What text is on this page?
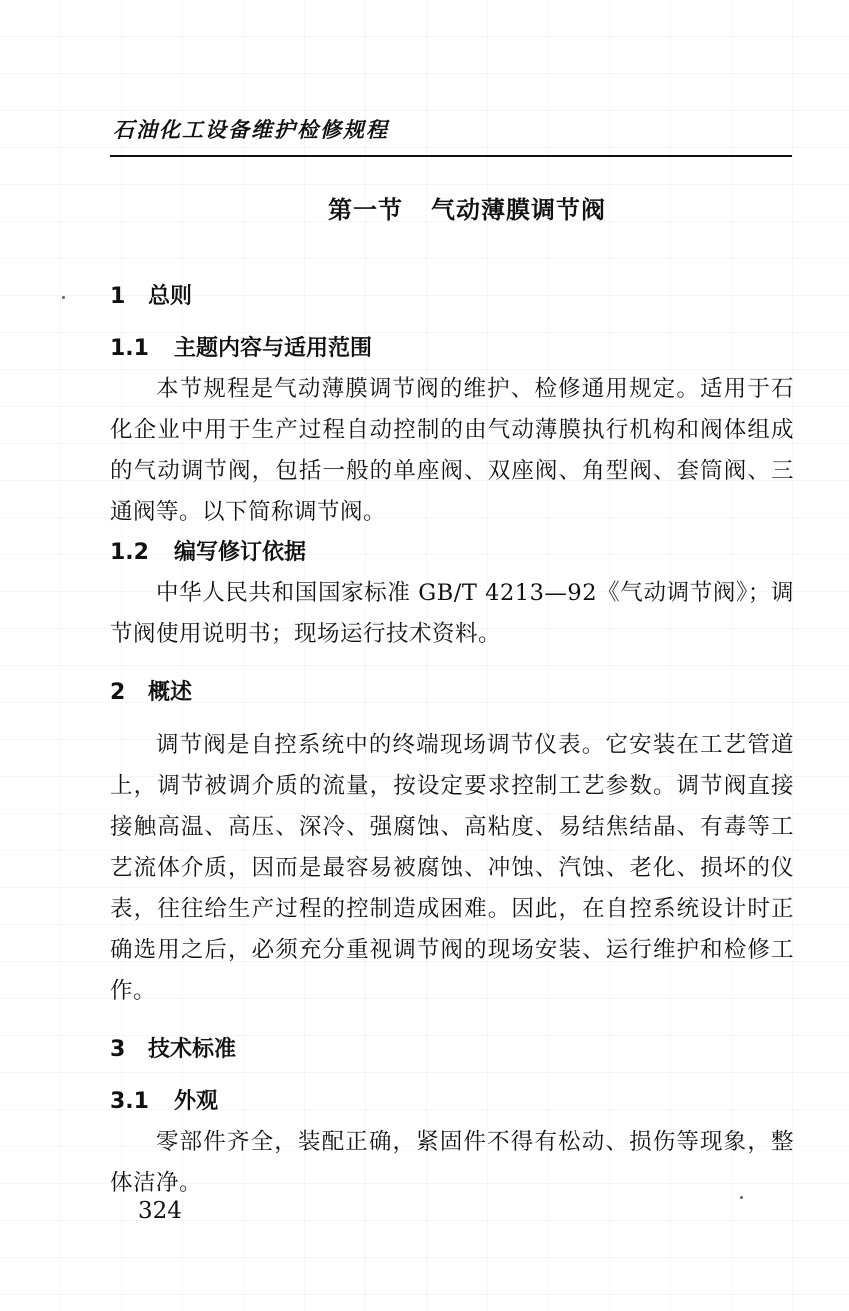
石油化工设备维护检修规程
第一节 气动薄膜调节阀
1 总则
1.1 主题内容与适用范围

本节规程是气动薄膜调节阀的维护、检修通用规定。适用于石化企业中用于生产过程自动控制的由气动薄膜执行机构和阀体组成的气动调节阀，包括一般的单座阀、双座阀、角型阀、套筒阀、三通阀等。以下简称调节阀。

1.2 编写修订依据

中华人民共和国国家标准 GB/T 4213—92《气动调节阀》；调节阀使用说明书；现场运行技术资料。

2 概述

调节阀是自控系统中的终端现场调节仪表。它安装在工艺管道上，调节被调介质的流量，按设定要求控制工艺参数。调节阀直接接触高温、高压、深冷、强腐蚀、高粘度、易结焦结晶、有毒等工艺流体介质，因而是最容易被腐蚀、冲蚀、汽蚀、老化、损坏的仪表，往往给生产过程的控制造成困难。因此，在自控系统设计时正确选用之后，必须充分重视调节阀的现场安装、运行维护和检修工作。

3 技术标准
3.1 外观

零部件齐全，装配正确，紧固件不得有松动、损伤等现象，整体洁净。

324
